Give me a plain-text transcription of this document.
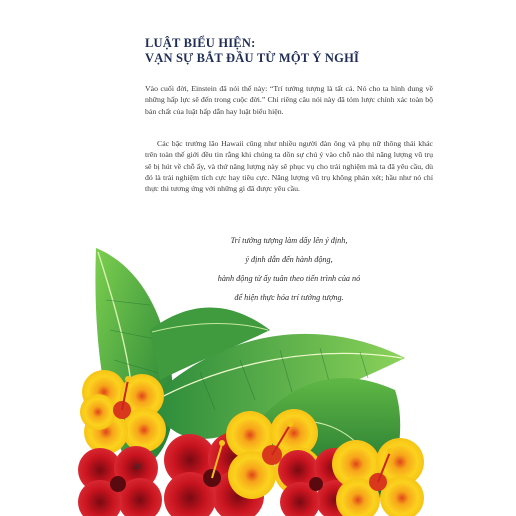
LUẬT BIỂU HIỆN:
VẠN SỰ BẮT ĐẦU TỪ MỘT Ý NGHĨ
Vào cuối đời, Einstein đã nói thế này: “Trí tưởng tượng là tất cả. Nó cho ta hình dung về những hấp lực sẽ đến trong cuộc đời.” Chỉ riêng câu nói này đã tóm lược chính xác toàn bộ bản chất của luật hấp dẫn hay luật biểu hiện.
Các bậc trưởng lão Hawaii cũng như nhiều người đàn ông và phụ nữ thông thái khác trên toàn thế giới đều tin rằng khi chúng ta dồn sự chú ý vào chỗ nào thì năng lượng vũ trụ sẽ bị hút về chỗ ấy, và thứ năng lượng này sẽ phục vụ cho trải nghiệm mà ta đã yêu cầu, dù đó là trải nghiệm tích cực hay tiêu cực. Năng lượng vũ trụ không phán xét; hầu như nó chỉ thực thi tương ứng với những gì đã được yêu cầu.
Trí tưởng tượng làm dấy lên ý định,
ý định dẫn đến hành động,
hành động từ ấy tuân theo tiến trình của nó
để hiện thực hóa trí tưởng tượng.
38
